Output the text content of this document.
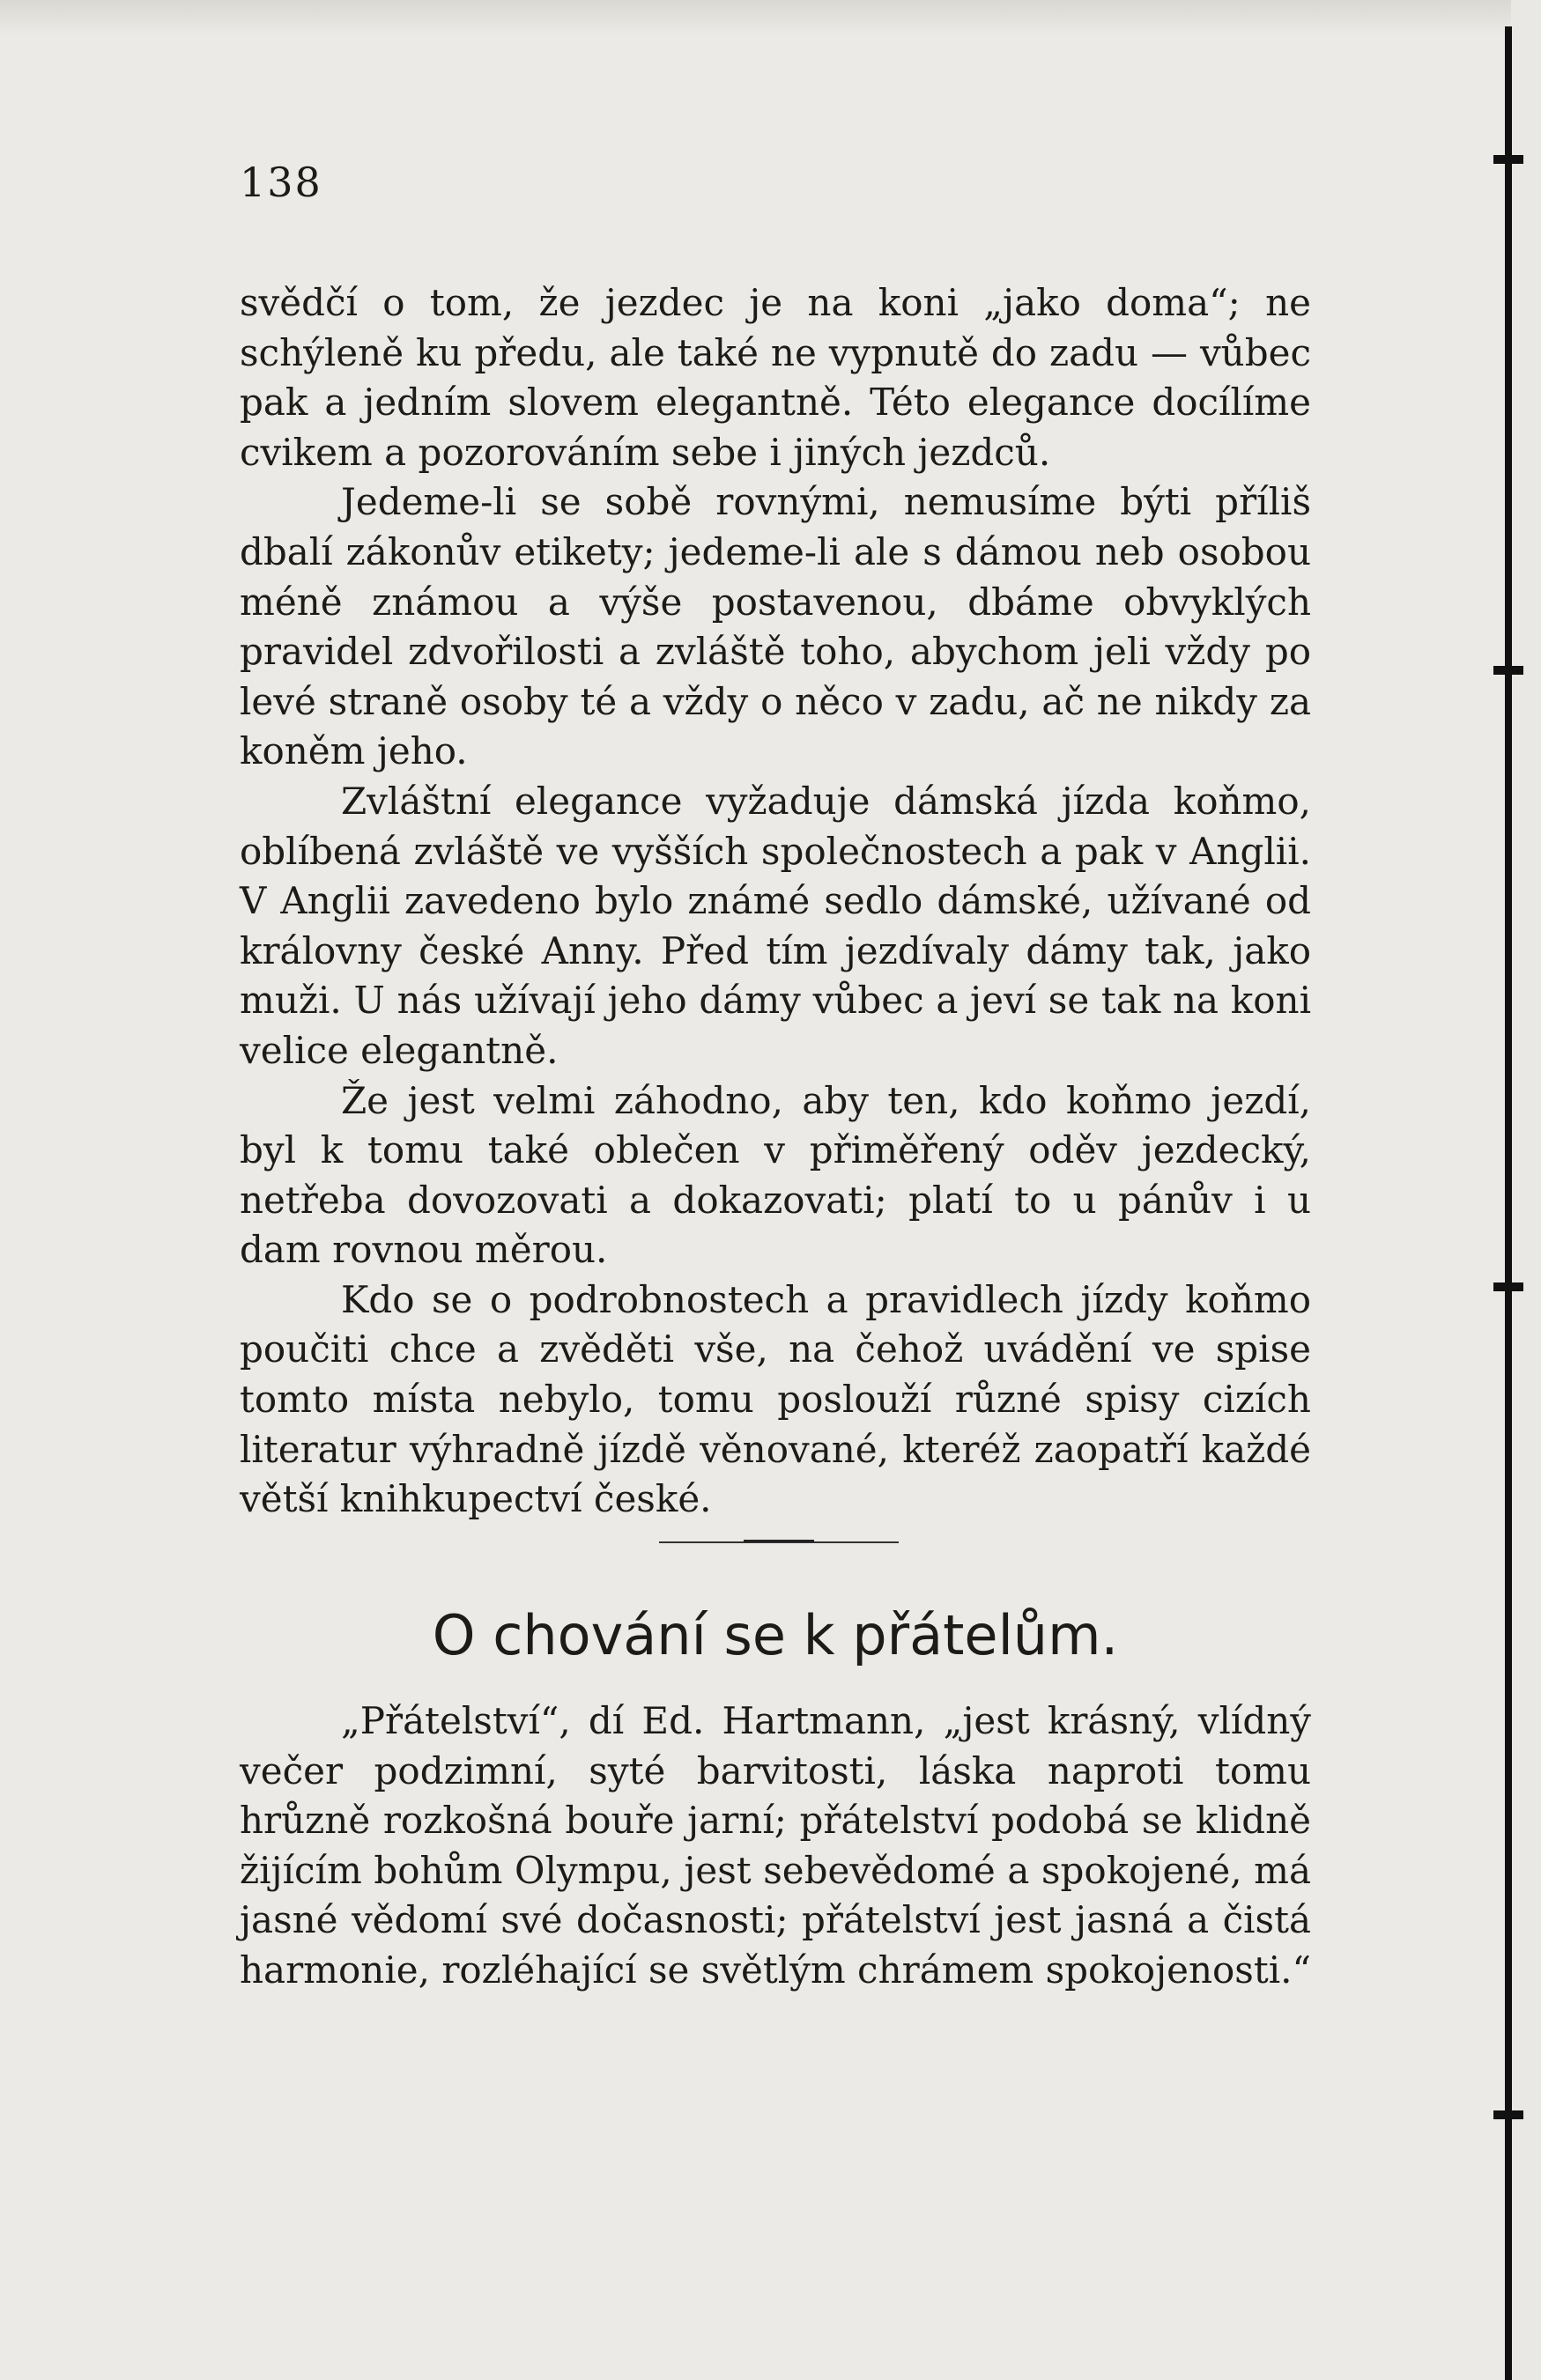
138

svědčí o tom, že jezdec je na koni „jako doma“; ne schýleně ku předu, ale také ne vypnutě do zadu — vůbec pak a jedním slovem elegantně. Této elegance docílíme cvikem a pozorováním sebe i jiných jezdců.

Jedeme-li se sobě rovnými, nemusíme býti příliš dbalí zákonův etikety; jedeme-li ale s dámou neb osobou méně známou a výše postavenou, dbáme obvyklých pravidel zdvořilosti a zvláště toho, abychom jeli vždy po levé straně osoby té a vždy o něco v zadu, ač ne nikdy za koněm jeho.

Zvláštní elegance vyžaduje dámská jízda koňmo, oblíbená zvláště ve vyšších společnostech a pak v Anglii. V Anglii zavedeno bylo známé sedlo dámské, užívané od královny české Anny. Před tím jezdívaly dámy tak, jako muži. U nás užívají jeho dámy vůbec a jeví se tak na koni velice elegantně.

Že jest velmi záhodno, aby ten, kdo koňmo jezdí, byl k tomu také oblečen v přiměřený oděv jezdecký, netřeba dovozovati a dokazovati; platí to u pánův i u dam rovnou měrou.

Kdo se o podrobnostech a pravidlech jízdy koňmo poučiti chce a zvěděti vše, na čehož uvádění ve spise tomto místa nebylo, tomu poslouží různé spisy cizích literatur výhradně jízdě věnované, kteréž zaopatří každé větší knihkupectví české.

O chování se k přátelům.

„Přátelství“, dí Ed. Hartmann, „jest krásný, vlídný večer podzimní, syté barvitosti, láska naproti tomu hrůzně rozkošná bouře jarní; přátelství podobá se klidně žijícím bohům Olympu, jest sebevědomé a spokojené, má jasné vědomí své dočasnosti; přátelství jest jasná a čistá harmonie, rozléhající se světlým chrámem spokojenosti.“
